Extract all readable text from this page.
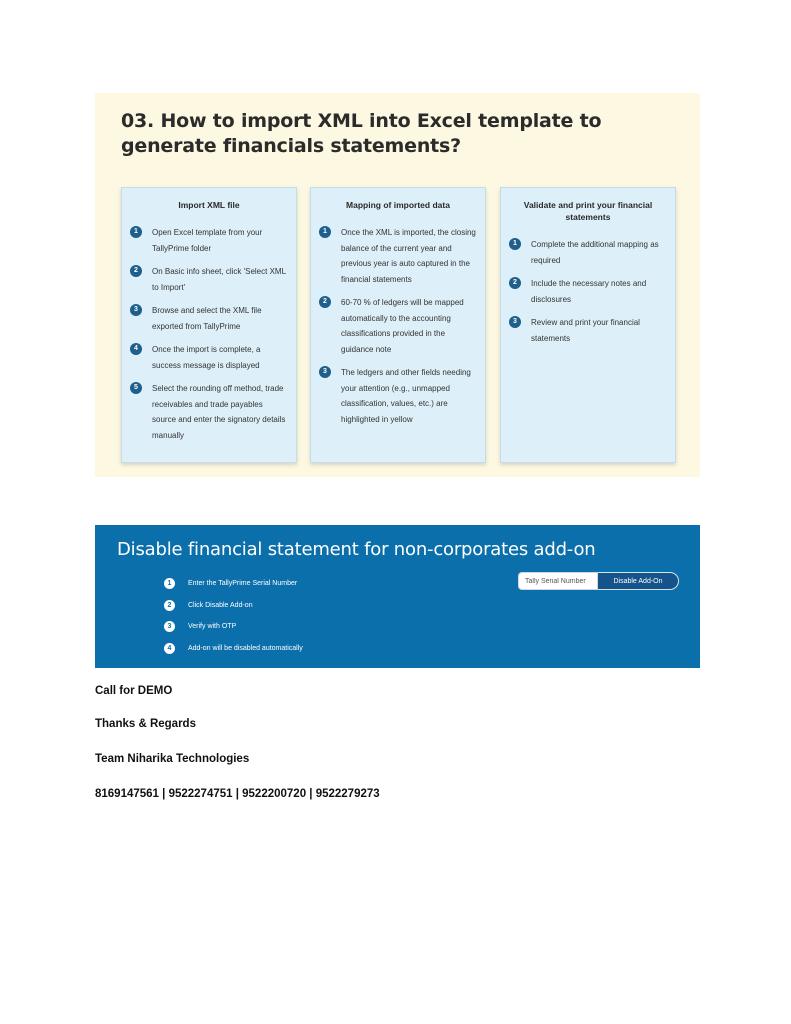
03. How to import XML into Excel template to generate financials statements?
Import XML file
1	Open Excel template from your TallyPrime folder
2	On Basic info sheet, click 'Select XML to Import'
3	Browse and select the XML file exported from TallyPrime
4	Once the import is complete, a success message is displayed
5	Select the rounding off method, trade receivables and trade payables source and enter the signatory details manually
Mapping of imported data
1	Once the XML is imported, the closing balance of the current year and previous year is auto captured in the financial statements
2	60-70 % of ledgers will be mapped automatically to the accounting classifications provided in the guidance note
3	The ledgers and other fields needing your attention (e.g., unmapped classification, values, etc.) are highlighted in yellow
Validate and print your financial statements
1	Complete the additional mapping as required
2	Include the necessary notes and disclosures
3	Review and print your financial statements
Disable financial statement for non-corporates add-on
1	Enter the TallyPrime Serial Number
2	Click Disable Add-on
3	Verify with OTP
4	Add-on will be disabled automatically
Tally Serial Number
Disable Add-On

Call for DEMO

Thanks & Regards

Team Niharika Technologies

8169147561 | 9522274751 | 9522200720 | 9522279273
